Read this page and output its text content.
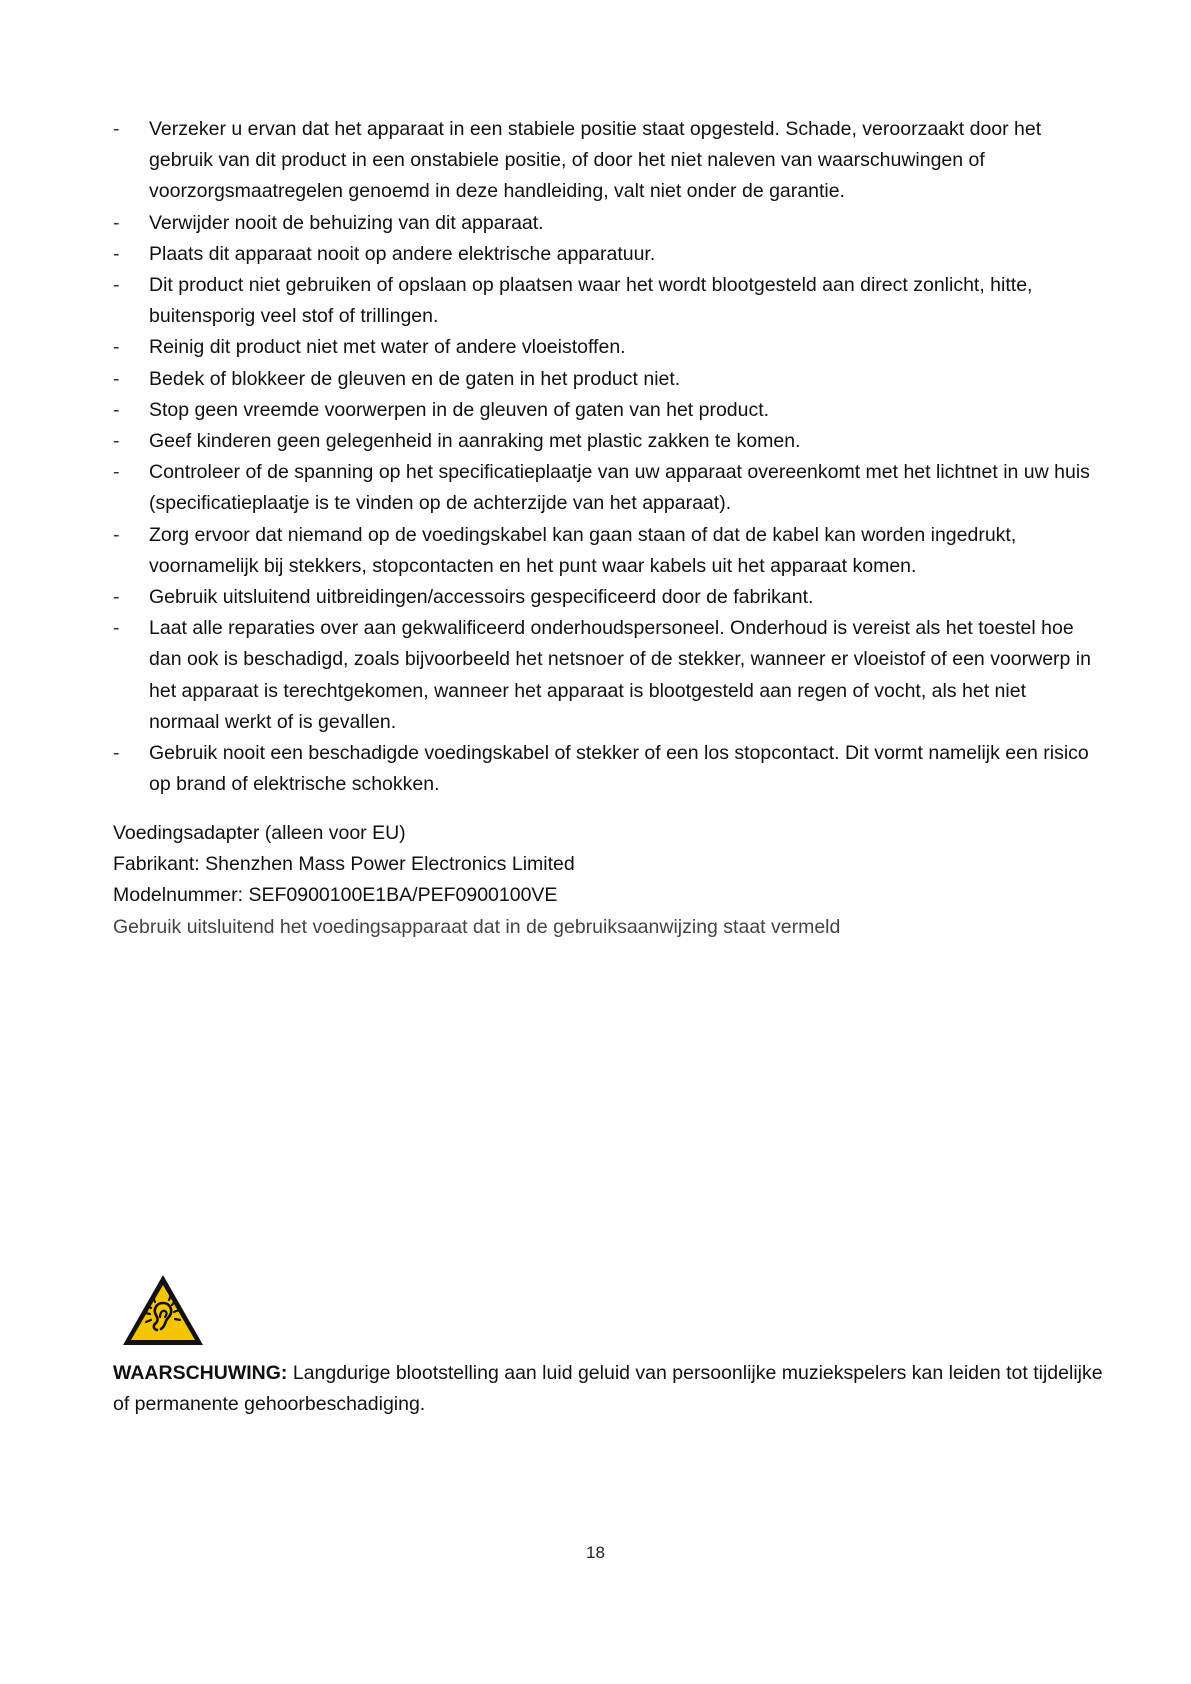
- Verzeker u ervan dat het apparaat in een stabiele positie staat opgesteld. Schade, veroorzaakt door het gebruik van dit product in een onstabiele positie, of door het niet naleven van waarschuwingen of voorzorgsmaatregelen genoemd in deze handleiding, valt niet onder de garantie.
- Verwijder nooit de behuizing van dit apparaat.
- Plaats dit apparaat nooit op andere elektrische apparatuur.
- Dit product niet gebruiken of opslaan op plaatsen waar het wordt blootgesteld aan direct zonlicht, hitte, buitensporig veel stof of trillingen.
- Reinig dit product niet met water of andere vloeistoffen.
- Bedek of blokkeer de gleuven en de gaten in het product niet.
- Stop geen vreemde voorwerpen in de gleuven of gaten van het product.
- Geef kinderen geen gelegenheid in aanraking met plastic zakken te komen.
- Controleer of de spanning op het specificatieplaatje van uw apparaat overeenkomt met het lichtnet in uw huis (specificatieplaatje is te vinden op de achterzijde van het apparaat).
- Zorg ervoor dat niemand op de voedingskabel kan gaan staan of dat de kabel kan worden ingedrukt, voornamelijk bij stekkers, stopcontacten en het punt waar kabels uit het apparaat komen.
- Gebruik uitsluitend uitbreidingen/accessoirs gespecificeerd door de fabrikant.
- Laat alle reparaties over aan gekwalificeerd onderhoudspersoneel. Onderhoud is vereist als het toestel hoe dan ook is beschadigd, zoals bijvoorbeeld het netsnoer of de stekker, wanneer er vloeistof of een voorwerp in het apparaat is terechtgekomen, wanneer het apparaat is blootgesteld aan regen of vocht, als het niet normaal werkt of is gevallen.
- Gebruik nooit een beschadigde voedingskabel of stekker of een los stopcontact. Dit vormt namelijk een risico op brand of elektrische schokken.
Voedingsadapter (alleen voor EU)
Fabrikant: Shenzhen Mass Power Electronics Limited
Modelnummer: SEF0900100E1BA/PEF0900100VE
Gebruik uitsluitend het voedingsapparaat dat in de gebruiksaanwijzing staat vermeld
WAARSCHUWING: Langdurige blootstelling aan luid geluid van persoonlijke muziekspelers kan leiden tot tijdelijke of permanente gehoorbeschadiging.
18
